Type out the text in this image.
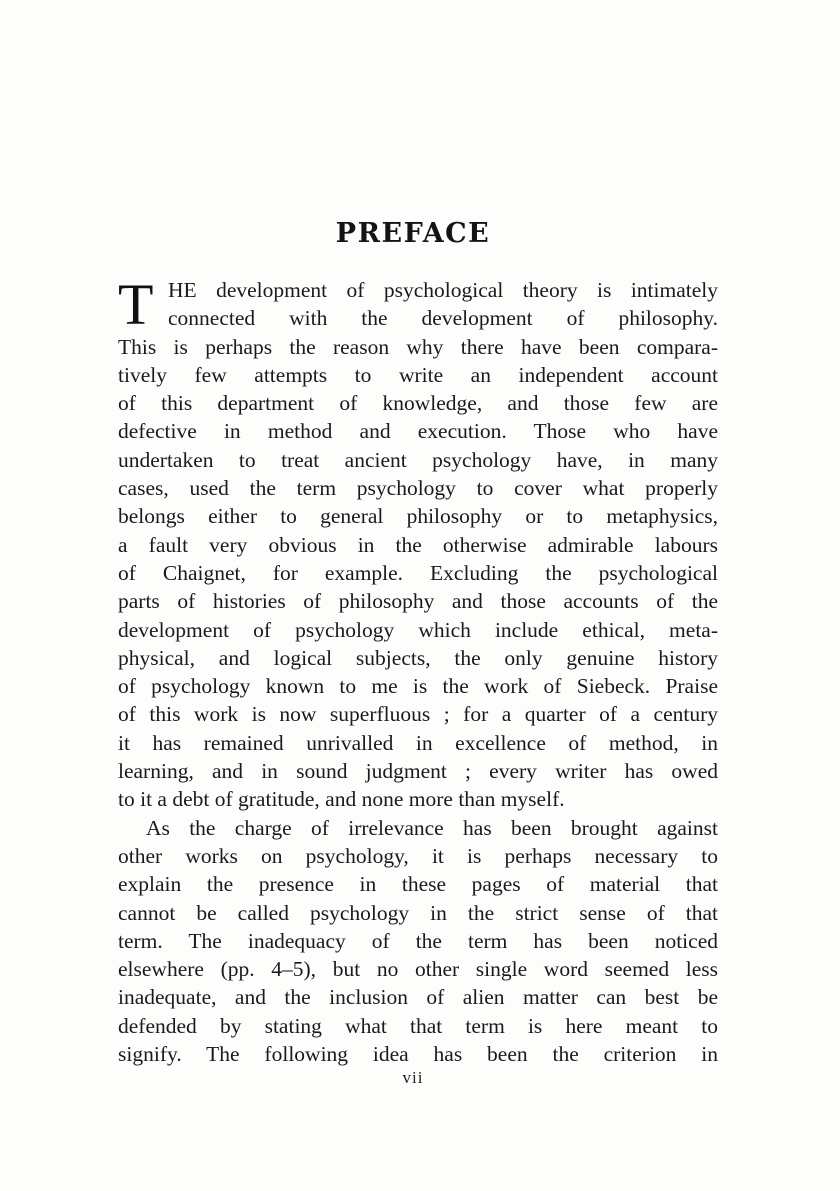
PREFACE
T HE development of psychological theory is intimately
connected with the development of philosophy.
This is perhaps the reason why there have been compara-
tively few attempts to write an independent account
of this department of knowledge, and those few are
defective in method and execution. Those who have
undertaken to treat ancient psychology have, in many
cases, used the term psychology to cover what properly
belongs either to general philosophy or to metaphysics,
a fault very obvious in the otherwise admirable labours
of Chaignet, for example. Excluding the psychological
parts of histories of philosophy and those accounts of the
development of psychology which include ethical, meta-
physical, and logical subjects, the only genuine history
of psychology known to me is the work of Siebeck. Praise
of this work is now superfluous ; for a quarter of a century
it has remained unrivalled in excellence of method, in
learning, and in sound judgment ; every writer has owed
to it a debt of gratitude, and none more than myself.
As the charge of irrelevance has been brought against
other works on psychology, it is perhaps necessary to
explain the presence in these pages of material that
cannot be called psychology in the strict sense of that
term. The inadequacy of the term has been noticed
elsewhere (pp. 4–5), but no other single word seemed less
inadequate, and the inclusion of alien matter can best be
defended by stating what that term is here meant to
signify. The following idea has been the criterion in
vii
